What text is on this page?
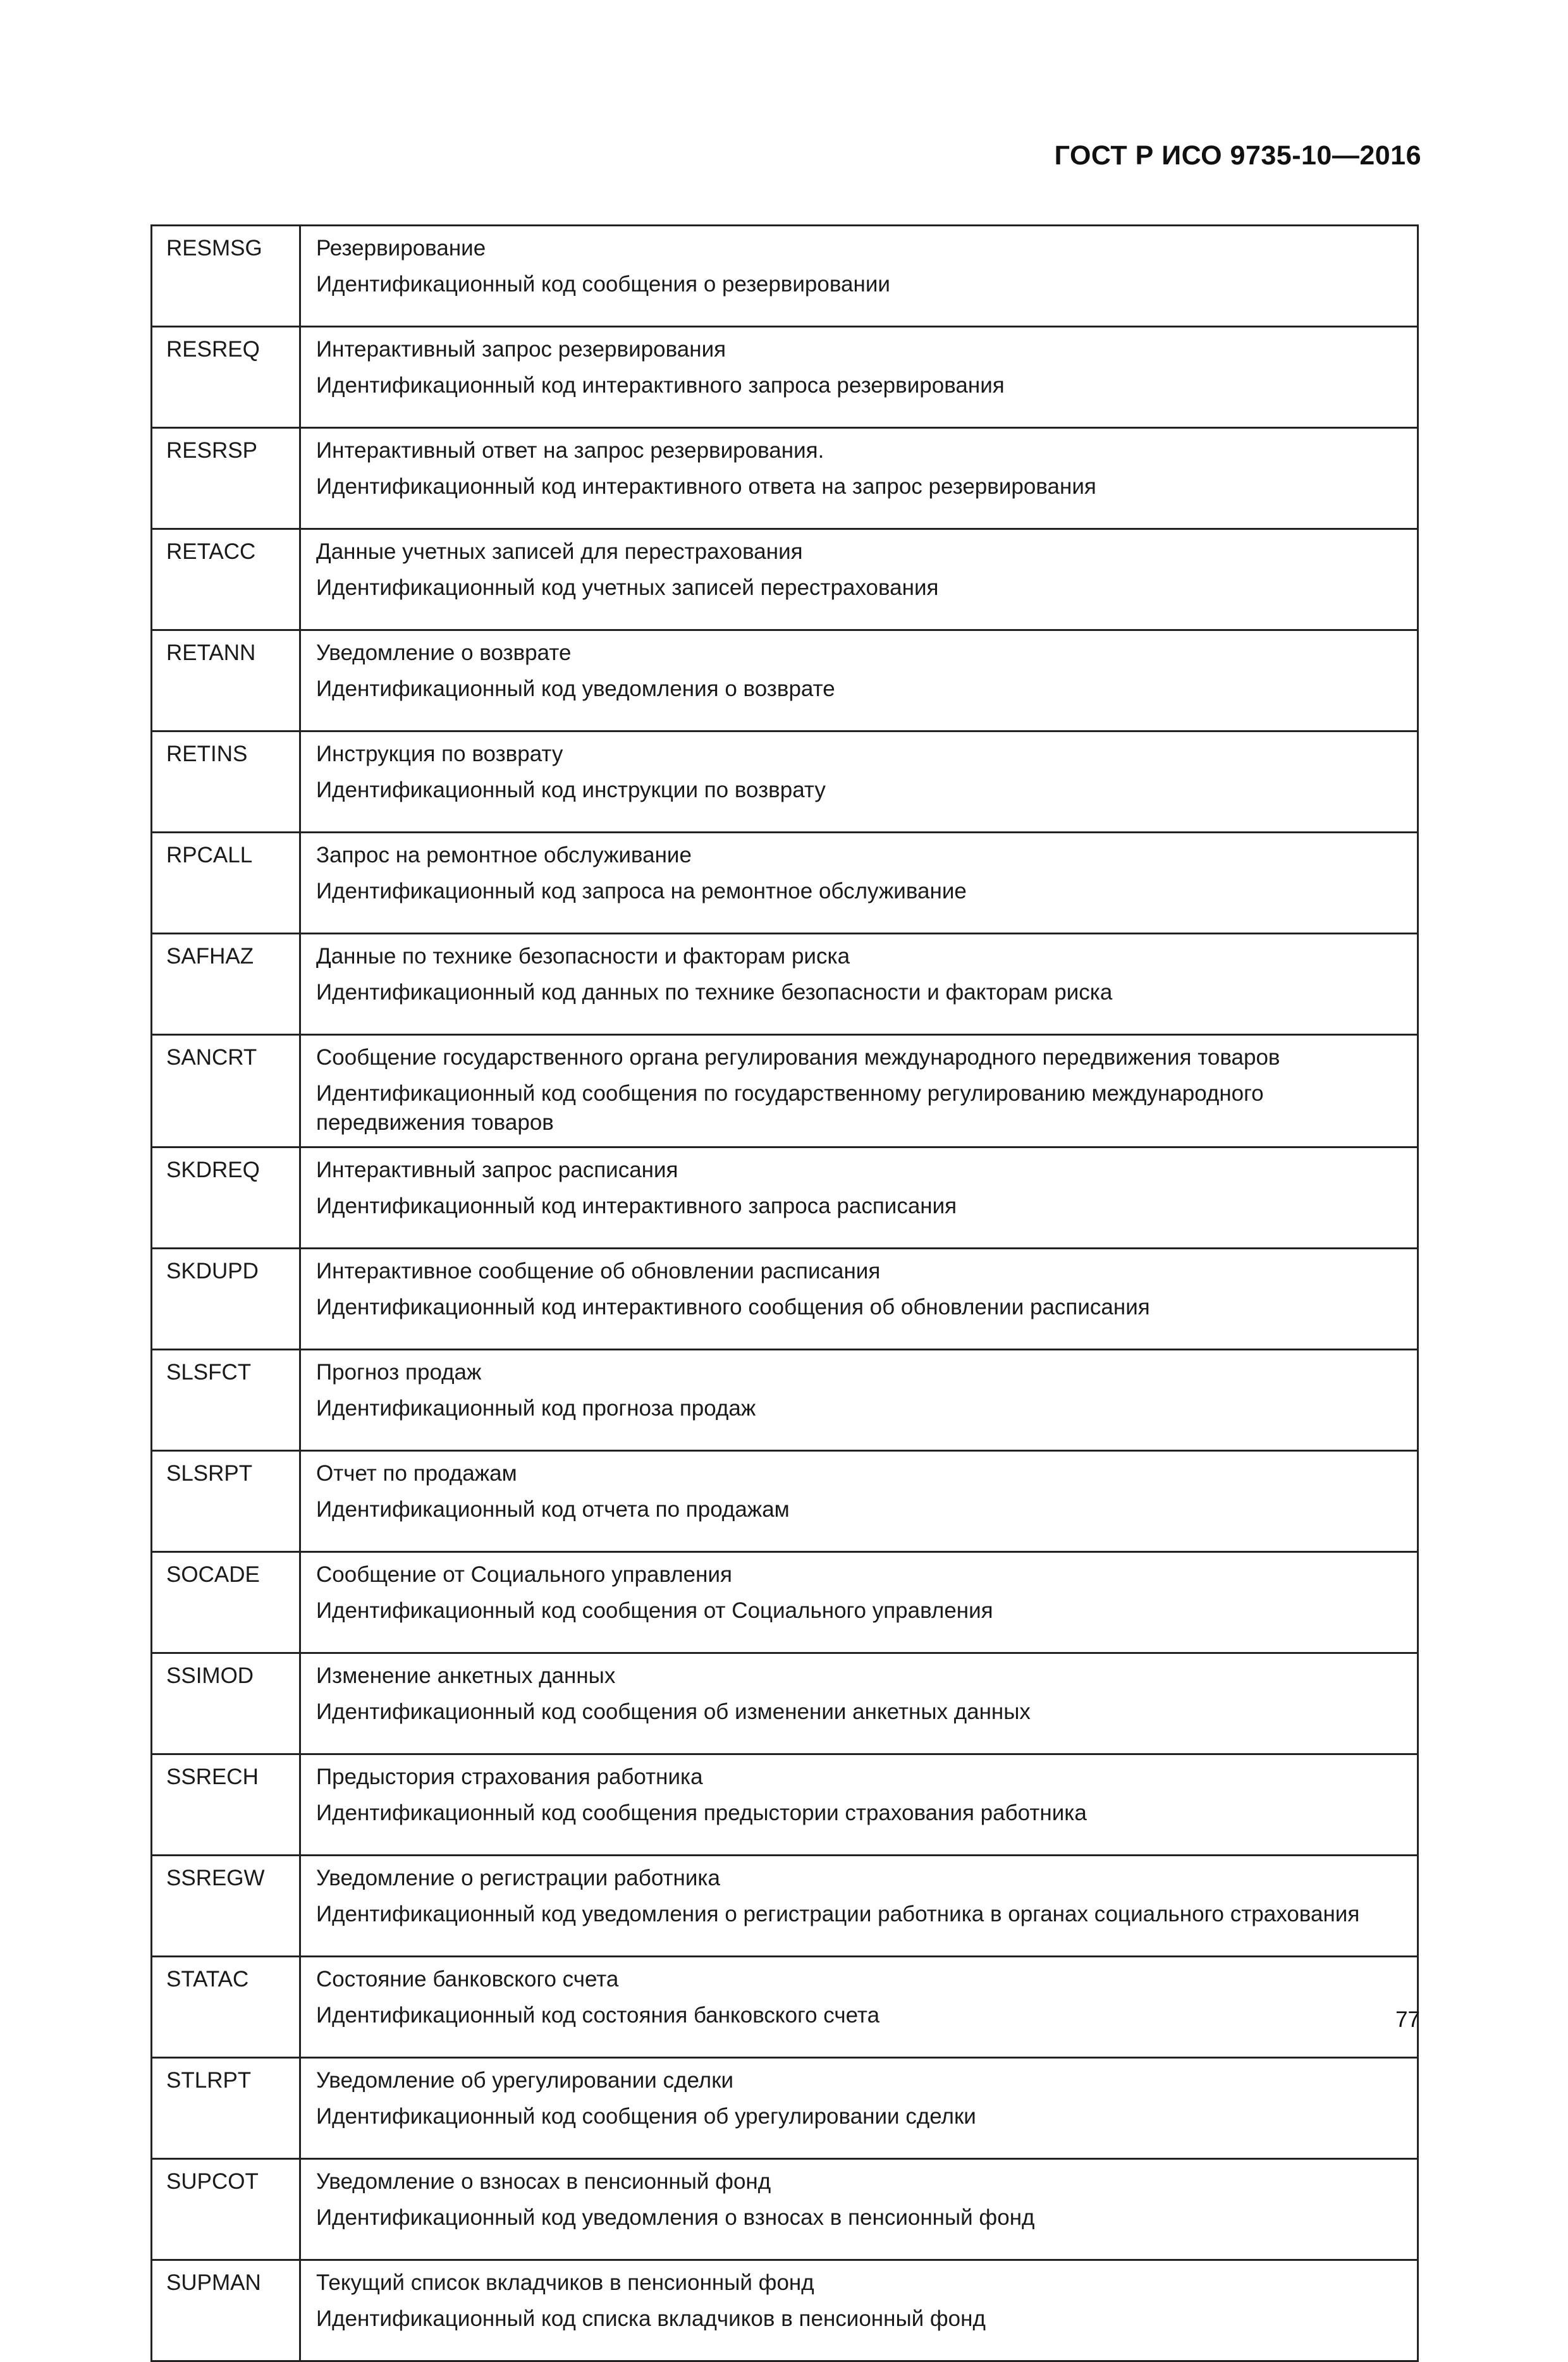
ГОСТ Р ИСО 9735-10—2016
RESMSG	Резервирование
Идентификационный код сообщения о резервировании

RESREQ	Интерактивный запрос резервирования
Идентификационный код интерактивного запроса резервирования

RESRSP	Интерактивный ответ на запрос резервирования.
Идентификационный код интерактивного ответа на запрос резервирования

RETACC	Данные учетных записей для перестрахования
Идентификационный код учетных записей перестрахования

RETANN	Уведомление о возврате
Идентификационный код уведомления о возврате

RETINS	Инструкция по возврату
Идентификационный код инструкции по возврату

RPCALL	Запрос на ремонтное обслуживание
Идентификационный код запроса на ремонтное обслуживание

SAFHAZ	Данные по технике безопасности и факторам риска
Идентификационный код данных по технике безопасности и факторам риска

SANCRT	Сообщение государственного органа регулирования международного передвижения товаров
Идентификационный код сообщения по государственному регулированию международного передвижения товаров

SKDREQ	Интерактивный запрос расписания
Идентификационный код интерактивного запроса расписания

SKDUPD	Интерактивное сообщение об обновлении расписания
Идентификационный код интерактивного сообщения об обновлении расписания

SLSFCT	Прогноз продаж
Идентификационный код прогноза продаж

SLSRPT	Отчет по продажам
Идентификационный код отчета по продажам

SOCADE	Сообщение от Социального управления
Идентификационный код сообщения от Социального управления

SSIMOD	Изменение анкетных данных
Идентификационный код сообщения об изменении анкетных данных

SSRECH	Предыстория страхования работника
Идентификационный код сообщения предыстории страхования работника

SSREGW	Уведомление о регистрации работника
Идентификационный код уведомления о регистрации работника в органах социального страхования

STATAC	Состояние банковского счета
Идентификационный код состояния банковского счета

STLRPT	Уведомление об урегулировании сделки
Идентификационный код сообщения об урегулировании сделки

SUPCOT	Уведомление о взносах в пенсионный фонд
Идентификационный код уведомления о взносах в пенсионный фонд

SUPMAN	Текущий список вкладчиков в пенсионный фонд
Идентификационный код списка вкладчиков в пенсионный фонд
77
